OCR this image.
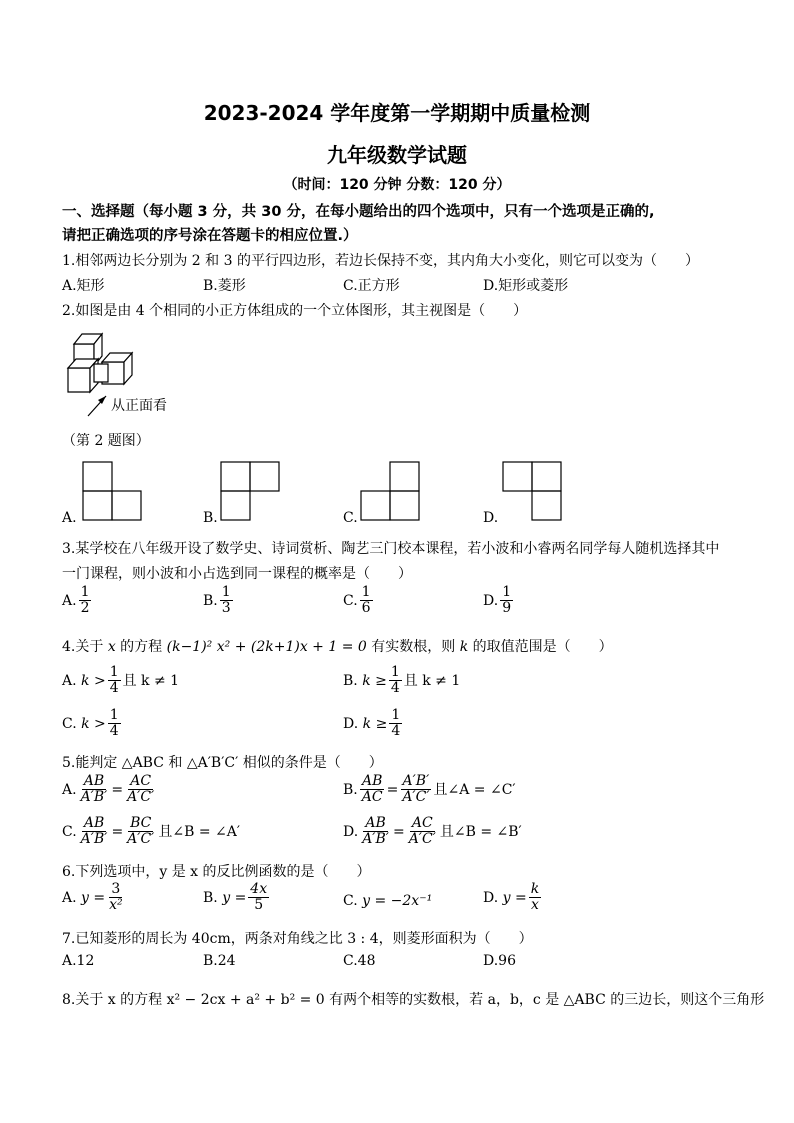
2023-2024 学年度第一学期期中质量检测
九年级数学试题
（时间：120 分钟 分数：120 分）
一、选择题（每小题 3 分，共 30 分，在每小题给出的四个选项中，只有一个选项是正确的,
请把正确选项的序号涂在答题卡的相应位置.）
1.相邻两边长分别为 2 和 3 的平行四边形，若边长保持不变，其内角大小变化，则它可以变为（　　）
A.矩形	B.菱形	C.正方形	D.矩形或菱形
2.如图是由 4 个相同的小正方体组成的一个立体图形，其主视图是（　　）
从正面看
（第 2 题图）
A.	B.	C.	D.
3.某学校在八年级开设了数学史、诗词赏析、陶艺三门校本课程，若小波和小睿两名同学每人随机选择其中
一门课程，则小波和小占选到同一课程的概率是（　　）
A. $\frac{1}{2}$	B. $\frac{1}{3}$	C. $\frac{1}{6}$	D. $\frac{1}{9}$
4.关于 x 的方程 (k−1)² x² + (2k+1)x + 1 = 0 有实数根，则 k 的取值范围是（　　）
A. $k > \frac{1}{4}$ 且 k ≠ 1	B. $k \ge \frac{1}{4}$ 且 k ≠ 1
C. $k > \frac{1}{4}$	D. $k \ge \frac{1}{4}$
5.能判定 △ABC 和 △A′B′C′ 相似的条件是（　　）
A. $\frac{AB}{A'B'} = \frac{AC}{A'C'}$	B. $\frac{AB}{AC} = \frac{A'B'}{A'C'}$ 且∠A = ∠C′
C. $\frac{AB}{A'B'} = \frac{BC}{A'C'}$ 且∠B = ∠A′	D. $\frac{AB}{A'B'} = \frac{AC}{A'C'}$ 且∠B = ∠B′
6.下列选项中，y 是 x 的反比例函数的是（　　）
A. $y = \frac{3}{\text{x²}}$	B. $y = \frac{4x}{5}$	C. y = −2x⁻¹	D. $y = \frac{k}{x}$
7.已知菱形的周长为 40cm，两条对角线之比 3 : 4，则菱形面积为（　　）
A.12	B.24	C.48	D.96
8.关于 x 的方程 x² − 2cx + a² + b² = 0 有两个相等的实数根，若 a，b，c 是 △ABC 的三边长，则这个三角形
